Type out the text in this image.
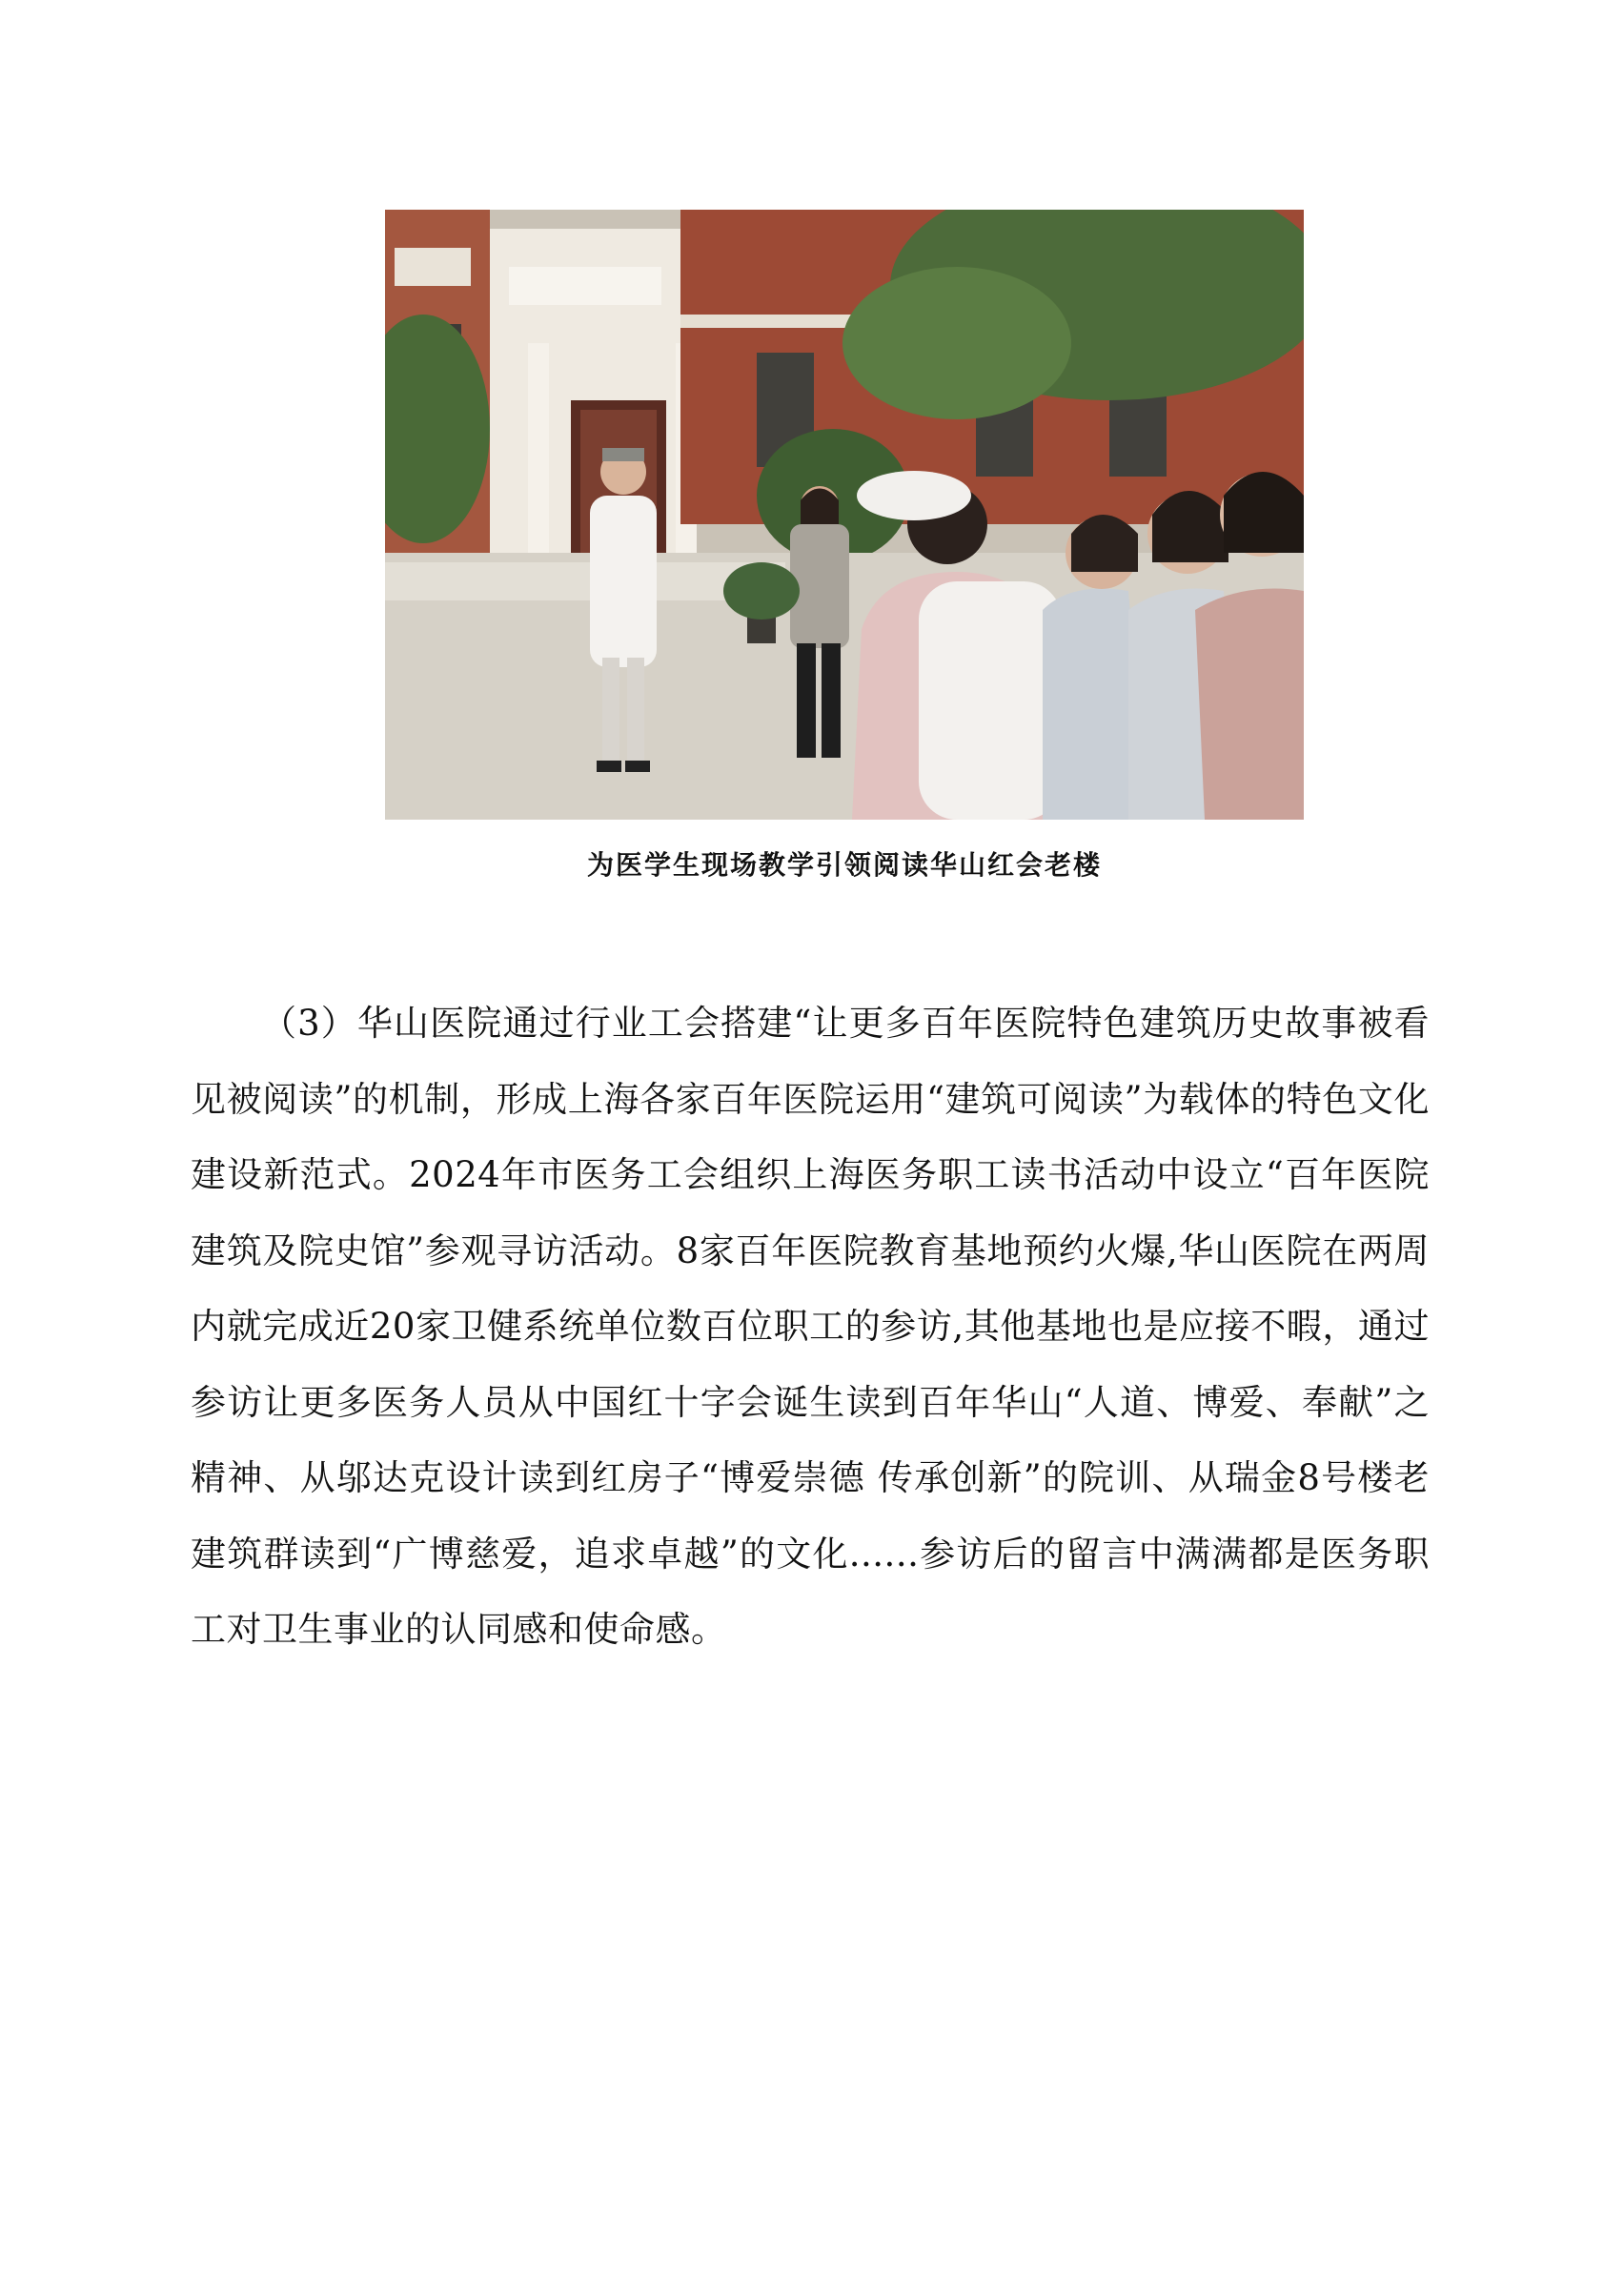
为医学生现场教学引领阅读华山红会老楼

（3）华山医院通过行业工会搭建“让更多百年医院特色建筑历史故事被看见被阅读”的机制，形成上海各家百年医院运用“建筑可阅读”为载体的特色文化建设新范式。2024年市医务工会组织上海医务职工读书活动中设立“百年医院建筑及院史馆”参观寻访活动。8家百年医院教育基地预约火爆,华山医院在两周内就完成近20家卫健系统单位数百位职工的参访,其他基地也是应接不暇，通过参访让更多医务人员从中国红十字会诞生读到百年华山“人道、博爱、奉献”之精神、从邬达克设计读到红房子“博爱崇德 传承创新”的院训、从瑞金8号楼老建筑群读到“广博慈爱，追求卓越”的文化......参访后的留言中满满都是医务职工对卫生事业的认同感和使命感。
